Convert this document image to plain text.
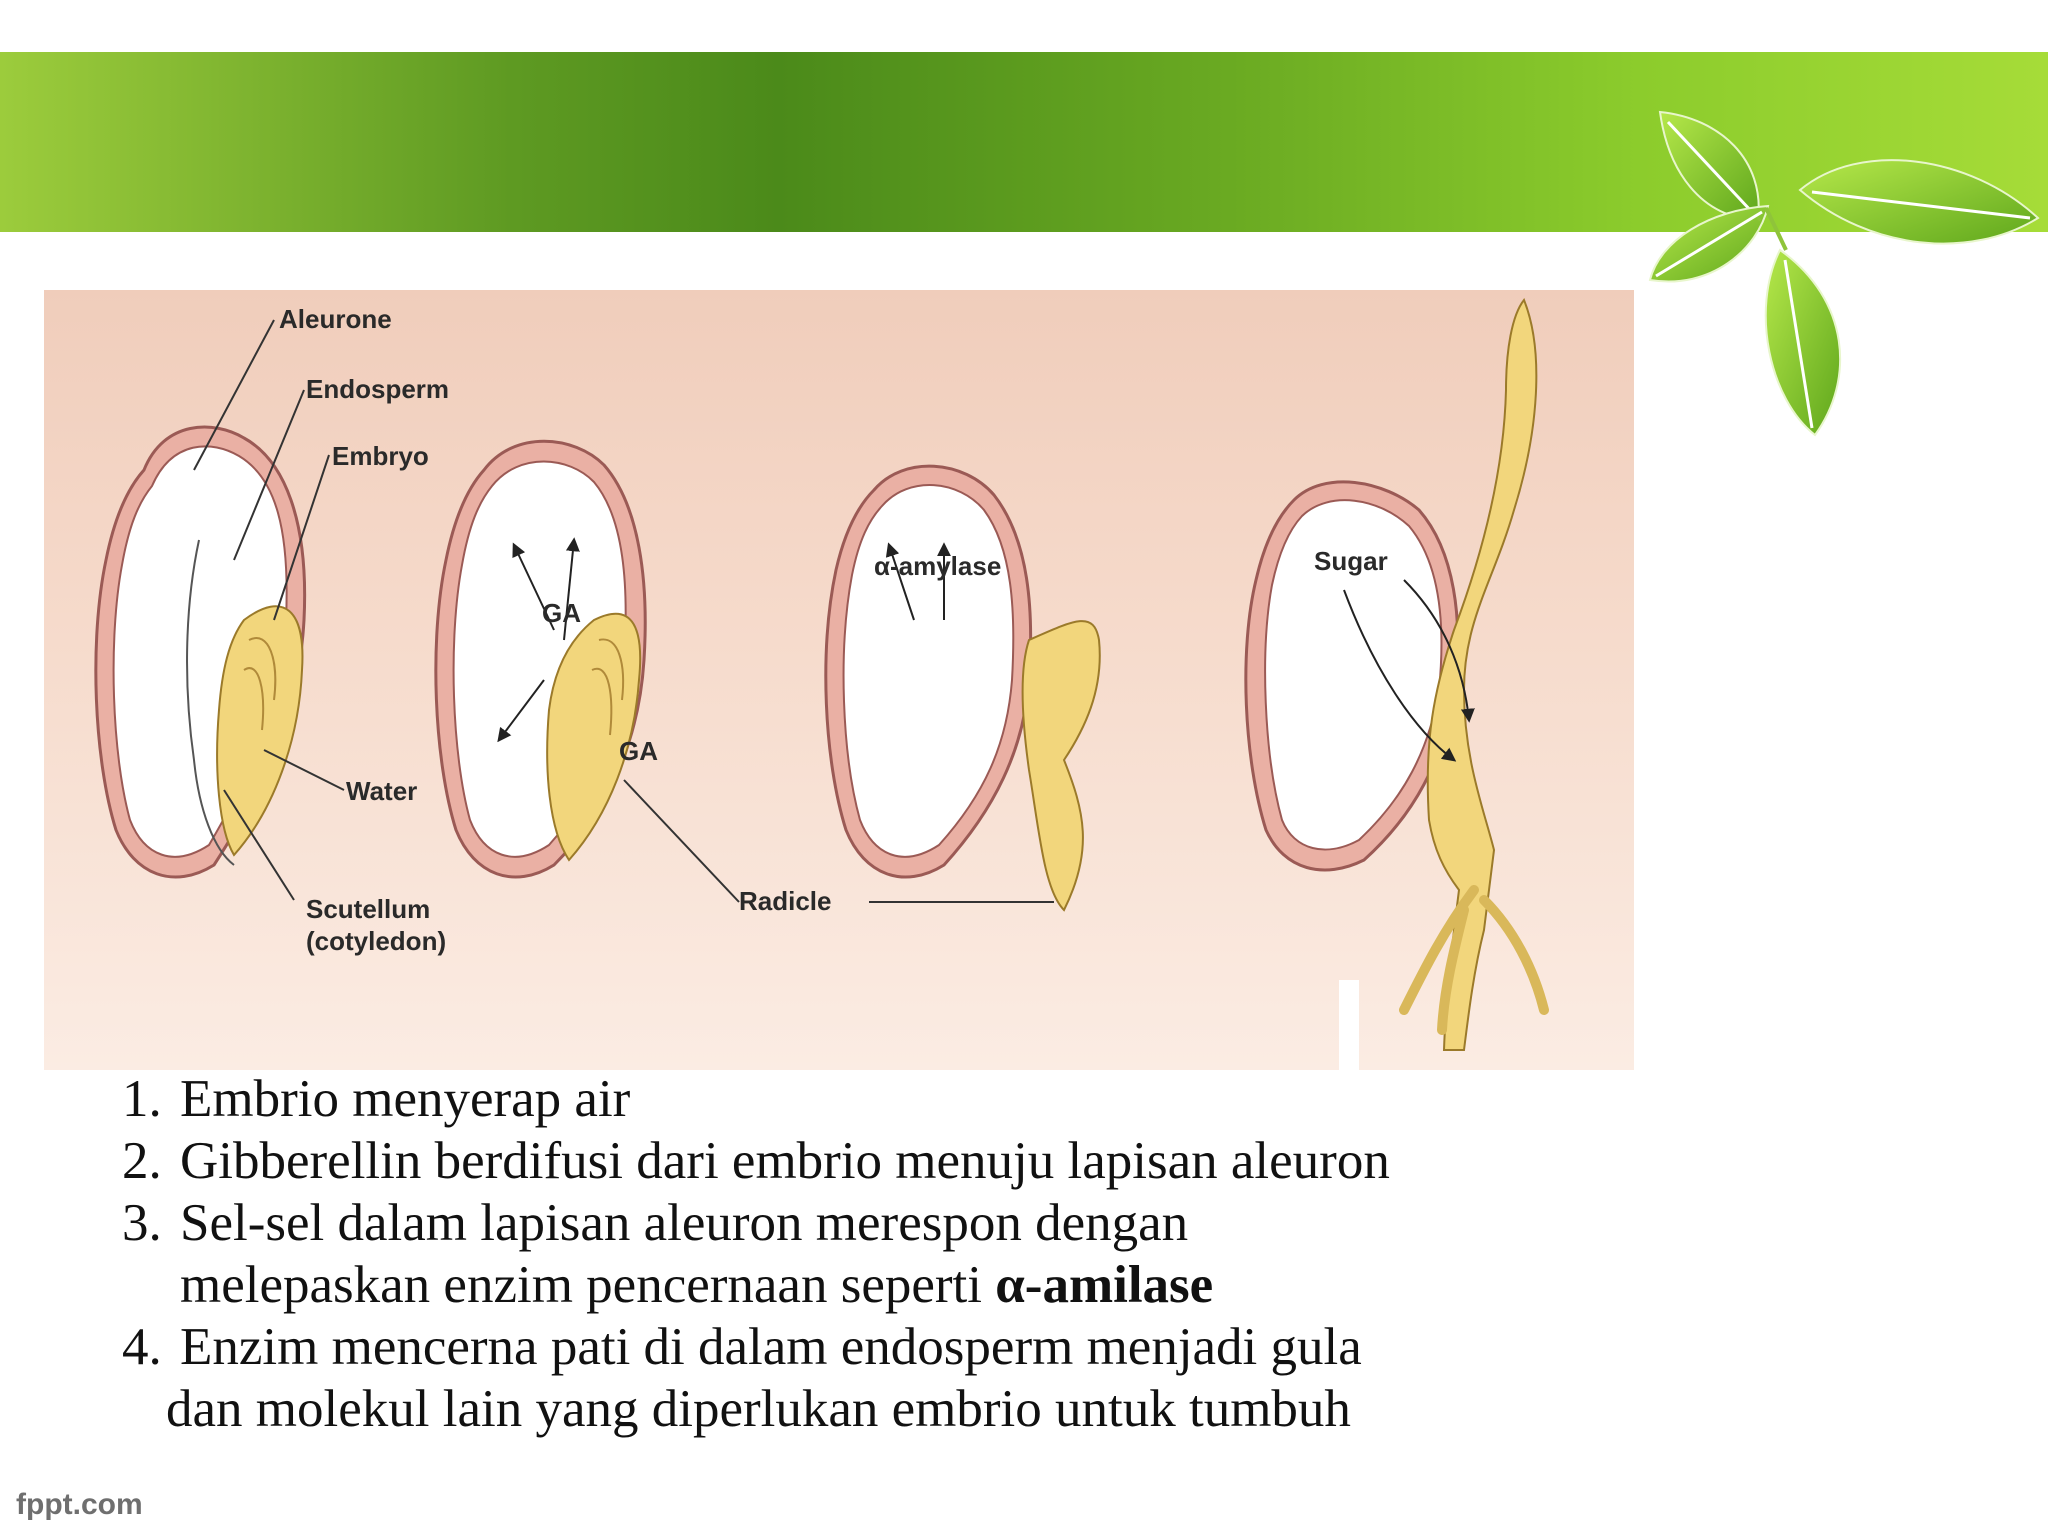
Aleurone
Endosperm
Embryo
Water
Scutellum
(cotyledon)
GA
GA
α-amylase
Radicle
Sugar
1. Embrio menyerap air
2. Gibberellin berdifusi dari embrio menuju lapisan aleuron
3. Sel-sel dalam lapisan aleuron merespon dengan
melepaskan enzim pencernaan seperti α-amilase
4. Enzim mencerna pati di dalam endosperm menjadi gula
dan molekul lain yang diperlukan embrio untuk tumbuh
fppt.com
